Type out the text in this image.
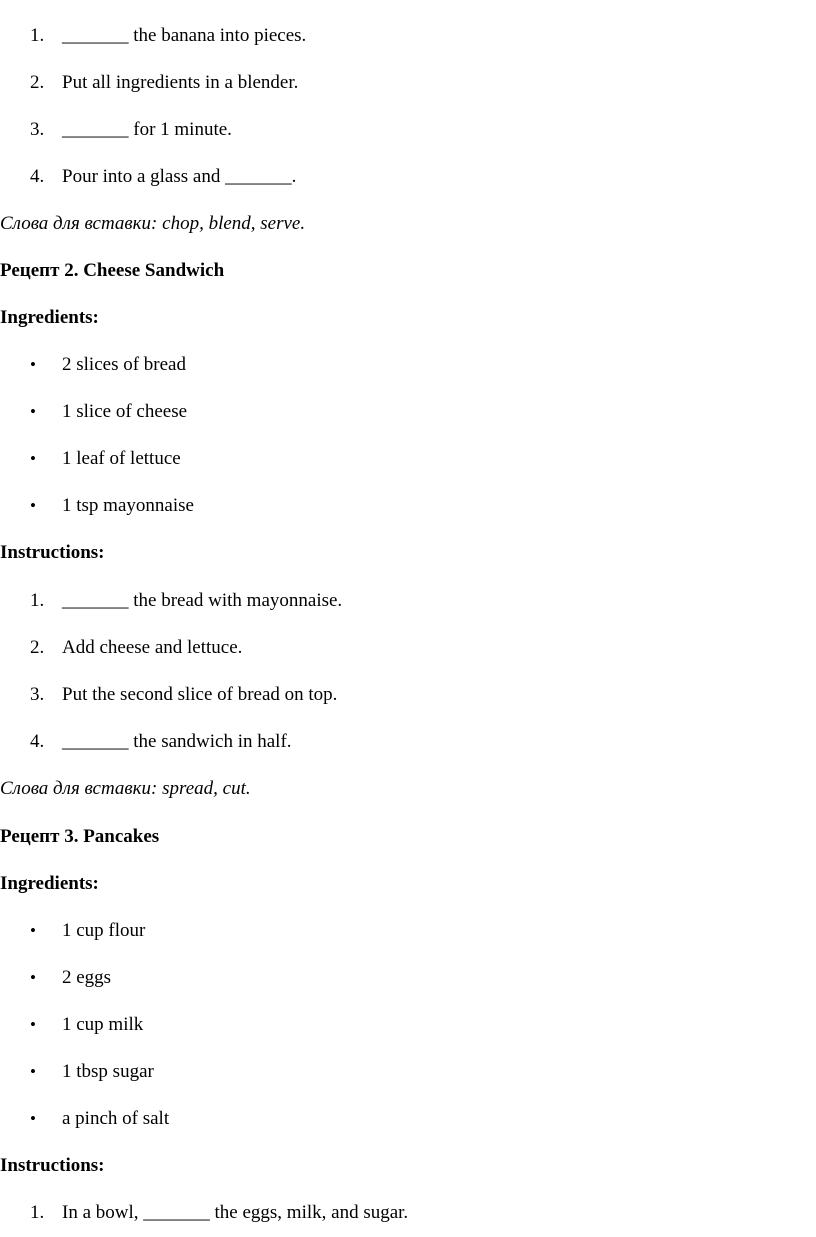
1. _______ the banana into pieces.
2. Put all ingredients in a blender.
3. _______ for 1 minute.
4. Pour into a glass and _______.
Слова для вставки: chop, blend, serve.
Рецепт 2. Cheese Sandwich
Ingredients:
• 2 slices of bread
• 1 slice of cheese
• 1 leaf of lettuce
• 1 tsp mayonnaise
Instructions:
1. _______ the bread with mayonnaise.
2. Add cheese and lettuce.
3. Put the second slice of bread on top.
4. _______ the sandwich in half.
Слова для вставки: spread, cut.
Рецепт 3. Pancakes
Ingredients:
• 1 cup flour
• 2 eggs
• 1 cup milk
• 1 tbsp sugar
• a pinch of salt
Instructions:
1. In a bowl, _______ the eggs, milk, and sugar.
